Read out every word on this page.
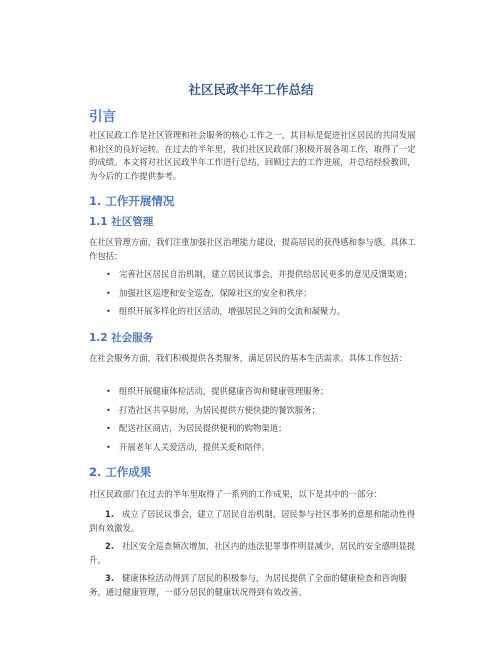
社区民政半年工作总结
引言
社区民政工作是社区管理和社会服务的核心工作之一，其目标是促进社区居民的共同发展和社区的良好运转。在过去的半年里，我们社区民政部门积极开展各项工作，取得了一定的成绩。本文将对社区民政半年工作进行总结，回顾过去的工作进展，并总结经验教训，为今后的工作提供参考。
1. 工作开展情况
1.1 社区管理
在社区管理方面，我们注重加强社区治理能力建设，提高居民的获得感和参与感。具体工作包括：
• 完善社区居民自治机制，建立居民议事会，并提供给居民更多的意见反馈渠道；
• 加强社区巡逻和安全巡查，保障社区的安全和秩序；
• 组织开展多样化的社区活动，增强居民之间的交流和凝聚力。
1.2 社会服务
在社会服务方面，我们积极提供各类服务，满足居民的基本生活需求。具体工作包括：
• 组织开展健康体检活动，提供健康咨询和健康管理服务；
• 打造社区共享厨房，为居民提供方便快捷的餐饮服务；
• 配送社区商店，为居民提供便利的购物渠道；
• 开展老年人关爱活动，提供关爱和陪伴。
2. 工作成果
社区民政部门在过去的半年里取得了一系列的工作成果，以下是其中的一部分：
1. 成立了居民议事会，建立了居民自治机制，居民参与社区事务的意愿和能动性得到有效激发。
2. 社区安全巡查频次增加，社区内的违法犯罪事件明显减少，居民的安全感明显提升。
3. 健康体检活动得到了居民的积极参与，为居民提供了全面的健康检查和咨询服务。通过健康管理，一部分居民的健康状况得到有效改善。
